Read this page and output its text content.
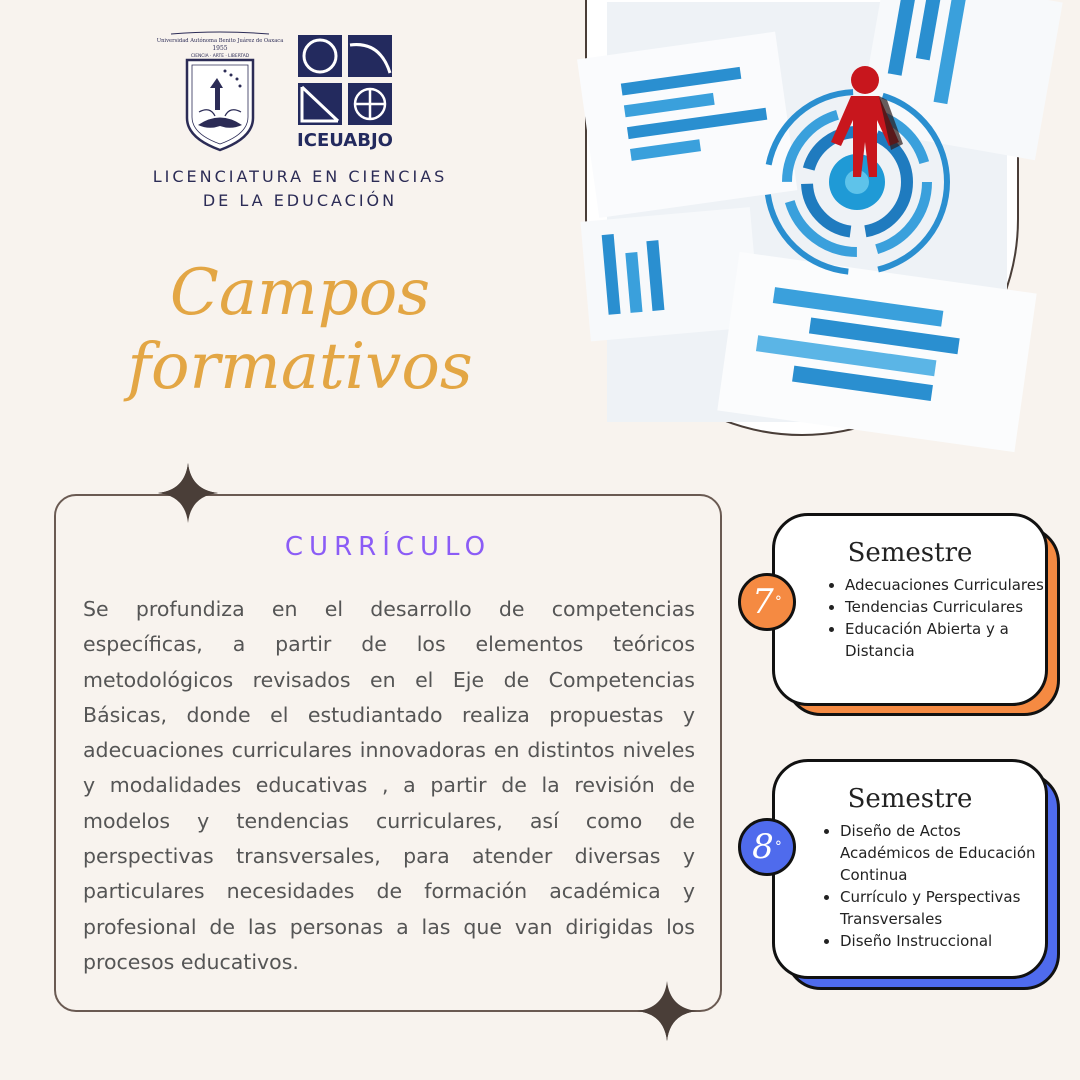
Universidad Autónoma Benito Juárez de Oaxaca
1955
CIENCIA · ARTE · LIBERTAD
ICEUABJO
LICENCIATURA EN CIENCIAS
DE LA EDUCACIÓN
Campos
formativos
CURRÍCULO

Se profundiza en el desarrollo de competencias específicas, a partir de los elementos teóricos metodológicos revisados en el Eje de Competencias Básicas, donde el estudiantado realiza propuestas y adecuaciones curriculares innovadoras en distintos niveles y modalidades educativas , a partir de la revisión de modelos y tendencias curriculares, así como de perspectivas transversales, para atender diversas y particulares necesidades de formación académica y profesional de las personas a las que van dirigidas los procesos educativos.

Semestre
• Adecuaciones Curriculares
• Tendencias Curriculares
• Educación Abierta y a Distancia
7 °
Semestre
• Diseño de Actos Académicos de Educación Continua
• Currículo y Perspectivas Transversales
• Diseño Instruccional
8 °
